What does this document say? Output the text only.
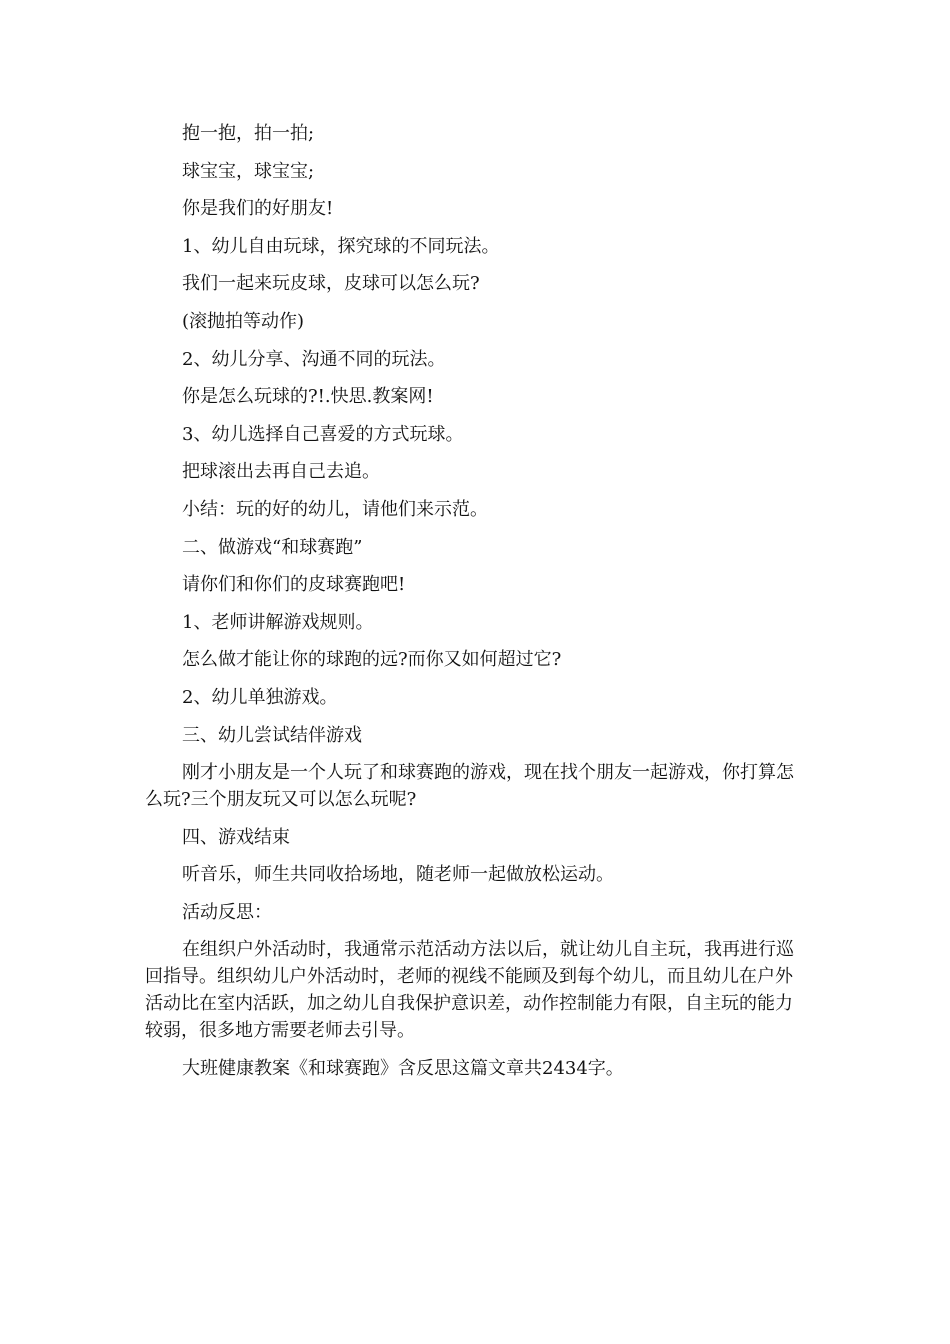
抱一抱，拍一拍;

球宝宝，球宝宝;

你是我们的好朋友!

1、幼儿自由玩球，探究球的不同玩法。

我们一起来玩皮球，皮球可以怎么玩?

(滚抛拍等动作)

2、幼儿分享、沟通不同的玩法。

你是怎么玩球的?!.快思.教案网!

3、幼儿选择自己喜爱的方式玩球。

把球滚出去再自己去追。

小结：玩的好的幼儿，请他们来示范。

二、做游戏“和球赛跑”

请你们和你们的皮球赛跑吧!

1、老师讲解游戏规则。

怎么做才能让你的球跑的远?而你又如何超过它?

2、幼儿单独游戏。

三、幼儿尝试结伴游戏

刚才小朋友是一个人玩了和球赛跑的游戏，现在找个朋友一起游戏，你打算怎么玩?三个朋友玩又可以怎么玩呢?

四、游戏结束

听音乐，师生共同收拾场地，随老师一起做放松运动。

活动反思：

在组织户外活动时，我通常示范活动方法以后，就让幼儿自主玩，我再进行巡回指导。组织幼儿户外活动时，老师的视线不能顾及到每个幼儿，而且幼儿在户外活动比在室内活跃，加之幼儿自我保护意识差，动作控制能力有限，自主玩的能力较弱，很多地方需要老师去引导。

大班健康教案《和球赛跑》含反思这篇文章共2434字。
